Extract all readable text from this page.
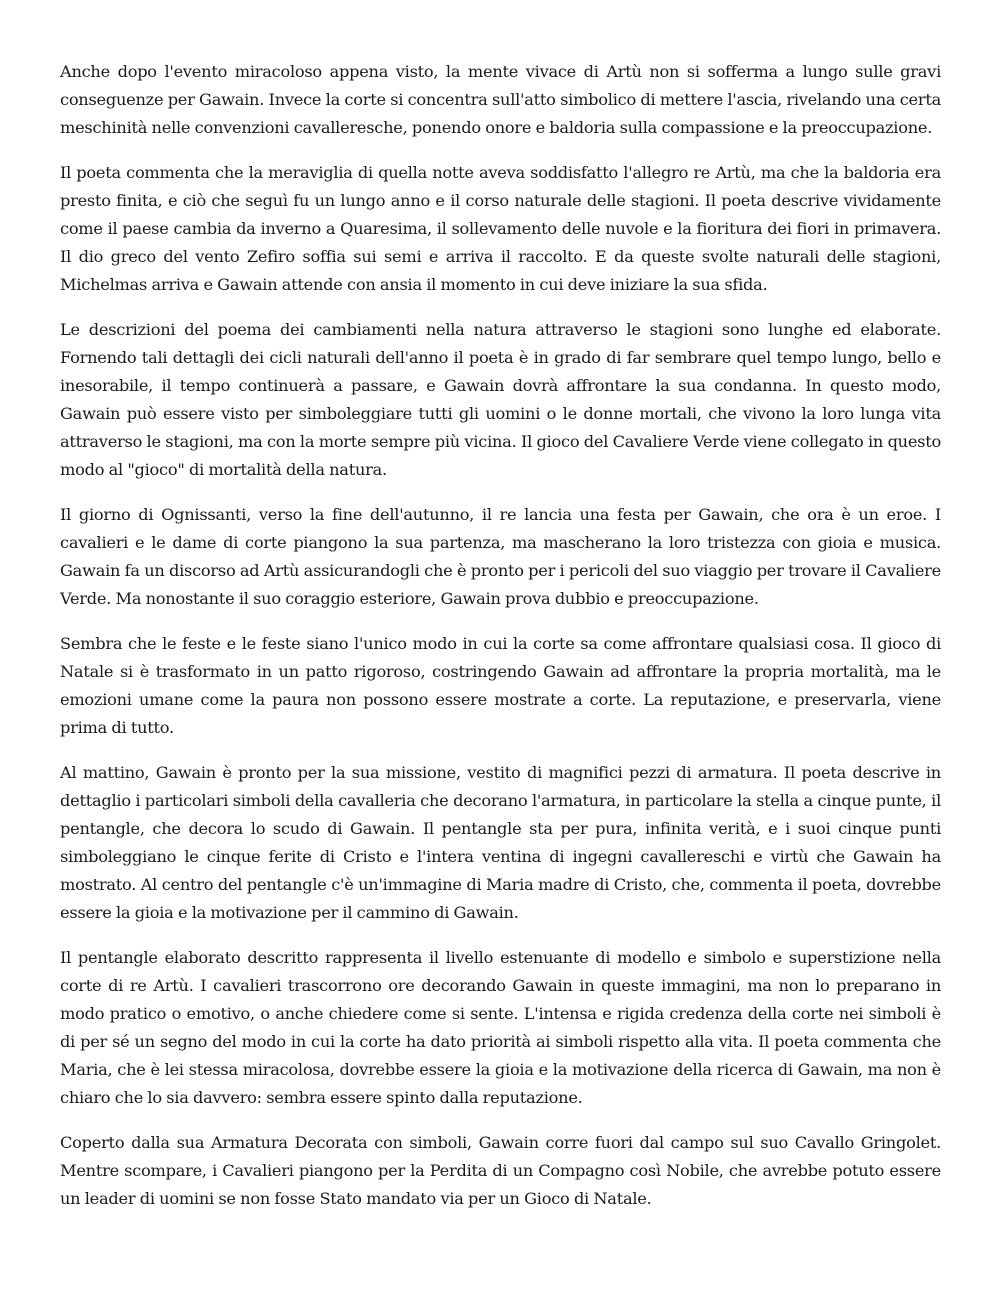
Anche dopo l'evento miracoloso appena visto, la mente vivace di Artù non si sofferma a lungo sulle gravi conseguenze per Gawain. Invece la corte si concentra sull'atto simbolico di mettere l'ascia, rivelando una certa meschinità nelle convenzioni cavalleresche, ponendo onore e baldoria sulla compassione e la preoccupazione.

Il poeta commenta che la meraviglia di quella notte aveva soddisfatto l'allegro re Artù, ma che la baldoria era presto finita, e ciò che seguì fu un lungo anno e il corso naturale delle stagioni. Il poeta descrive vividamente come il paese cambia da inverno a Quaresima, il sollevamento delle nuvole e la fioritura dei fiori in primavera. Il dio greco del vento Zefiro soffia sui semi e arriva il raccolto. E da queste svolte naturali delle stagioni, Michelmas arriva e Gawain attende con ansia il momento in cui deve iniziare la sua sfida.

Le descrizioni del poema dei cambiamenti nella natura attraverso le stagioni sono lunghe ed elaborate. Fornendo tali dettagli dei cicli naturali dell'anno il poeta è in grado di far sembrare quel tempo lungo, bello e inesorabile, il tempo continuerà a passare, e Gawain dovrà affrontare la sua condanna. In questo modo, Gawain può essere visto per simboleggiare tutti gli uomini o le donne mortali, che vivono la loro lunga vita attraverso le stagioni, ma con la morte sempre più vicina. Il gioco del Cavaliere Verde viene collegato in questo modo al "gioco" di mortalità della natura.

Il giorno di Ognissanti, verso la fine dell'autunno, il re lancia una festa per Gawain, che ora è un eroe. I cavalieri e le dame di corte piangono la sua partenza, ma mascherano la loro tristezza con gioia e musica. Gawain fa un discorso ad Artù assicurandogli che è pronto per i pericoli del suo viaggio per trovare il Cavaliere Verde. Ma nonostante il suo coraggio esteriore, Gawain prova dubbio e preoccupazione.

Sembra che le feste e le feste siano l'unico modo in cui la corte sa come affrontare qualsiasi cosa. Il gioco di Natale si è trasformato in un patto rigoroso, costringendo Gawain ad affrontare la propria mortalità, ma le emozioni umane come la paura non possono essere mostrate a corte. La reputazione, e preservarla, viene prima di tutto.

Al mattino, Gawain è pronto per la sua missione, vestito di magnifici pezzi di armatura. Il poeta descrive in dettaglio i particolari simboli della cavalleria che decorano l'armatura, in particolare la stella a cinque punte, il pentangle, che decora lo scudo di Gawain. Il pentangle sta per pura, infinita verità, e i suoi cinque punti simboleggiano le cinque ferite di Cristo e l'intera ventina di ingegni cavallereschi e virtù che Gawain ha mostrato. Al centro del pentangle c'è un'immagine di Maria madre di Cristo, che, commenta il poeta, dovrebbe essere la gioia e la motivazione per il cammino di Gawain.

Il pentangle elaborato descritto rappresenta il livello estenuante di modello e simbolo e superstizione nella corte di re Artù. I cavalieri trascorrono ore decorando Gawain in queste immagini, ma non lo preparano in modo pratico o emotivo, o anche chiedere come si sente. L'intensa e rigida credenza della corte nei simboli è di per sé un segno del modo in cui la corte ha dato priorità ai simboli rispetto alla vita. Il poeta commenta che Maria, che è lei stessa miracolosa, dovrebbe essere la gioia e la motivazione della ricerca di Gawain, ma non è chiaro che lo sia davvero: sembra essere spinto dalla reputazione.

Coperto dalla sua Armatura Decorata con simboli, Gawain corre fuori dal campo sul suo Cavallo Gringolet. Mentre scompare, i Cavalieri piangono per la Perdita di un Compagno così Nobile, che avrebbe potuto essere un leader di uomini se non fosse Stato mandato via per un Gioco di Natale.
